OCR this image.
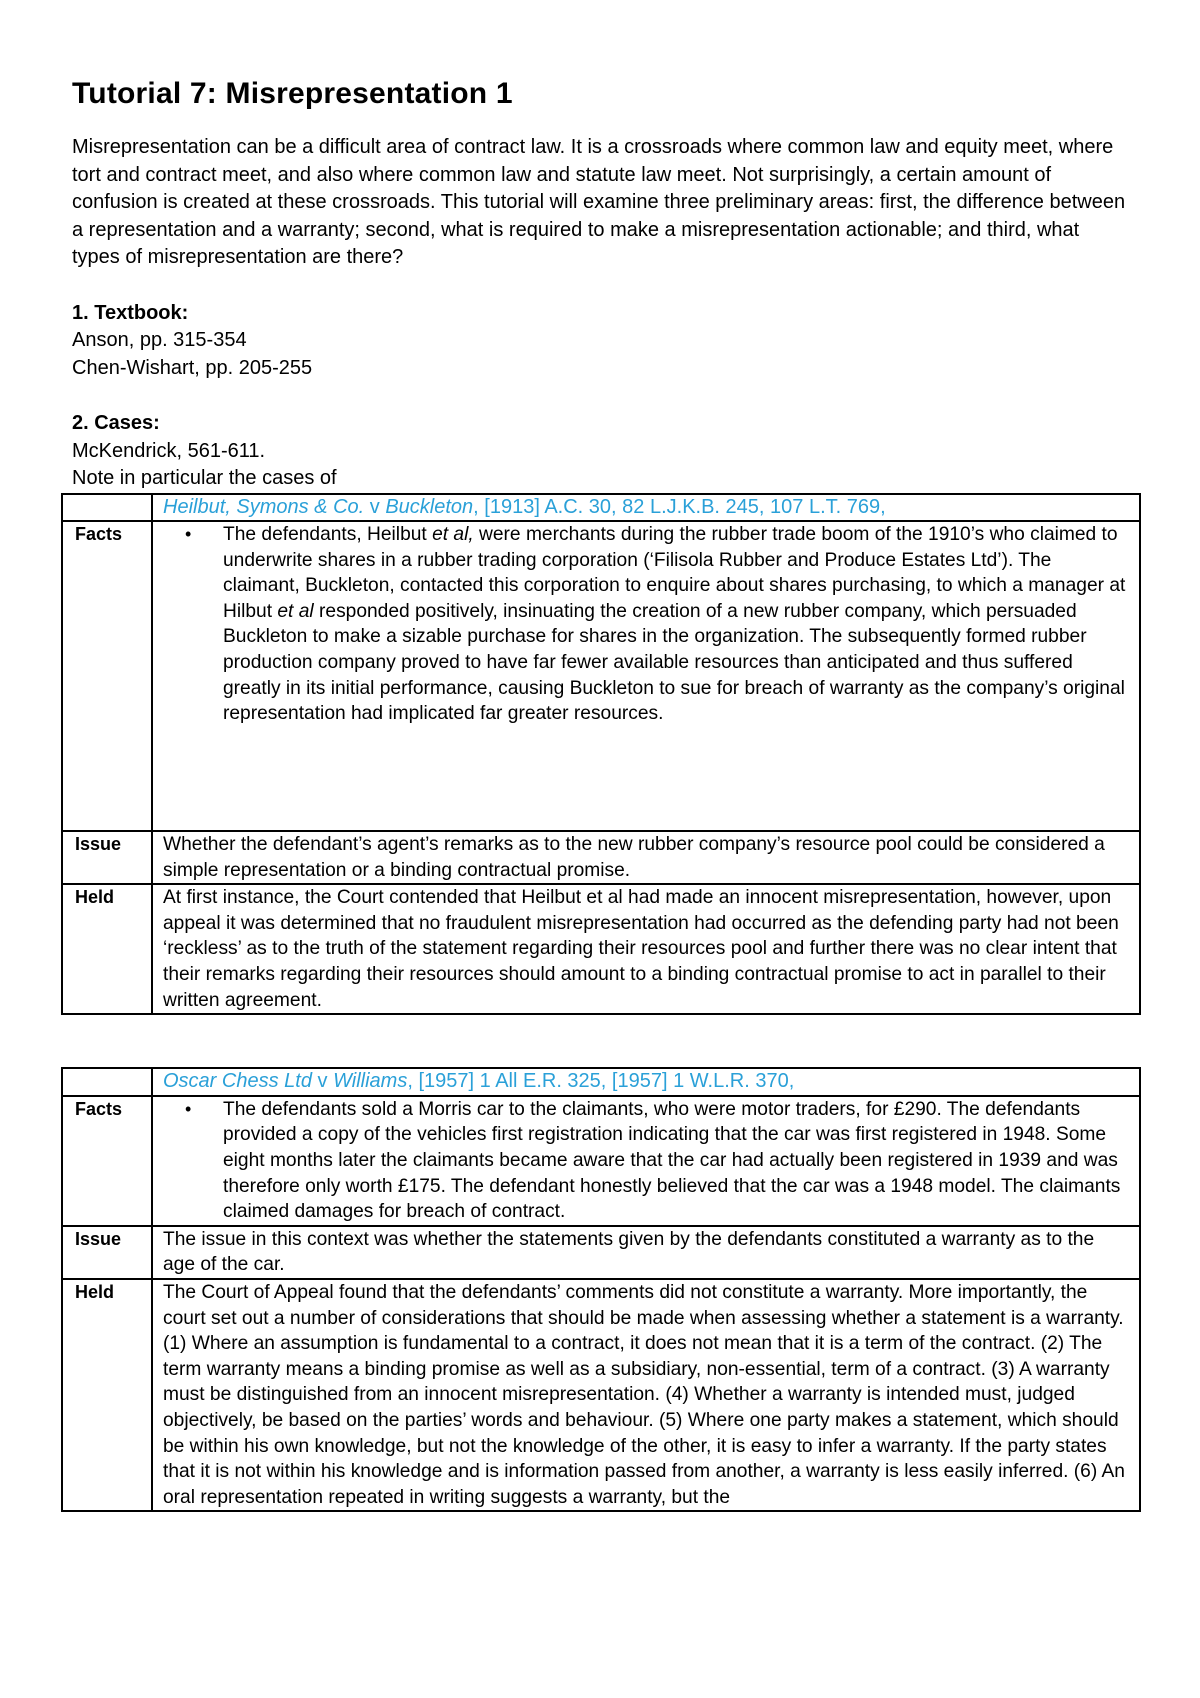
Tutorial 7: Misrepresentation 1
Misrepresentation can be a difficult area of contract law. It is a crossroads where common law and equity meet, where tort and contract meet, and also where common law and statute law meet. Not surprisingly, a certain amount of confusion is created at these crossroads. This tutorial will examine three preliminary areas: first, the difference between a representation and a warranty; second, what is required to make a misrepresentation actionable; and third, what types of misrepresentation are there?
1. Textbook:
Anson, pp. 315-354
Chen-Wishart, pp. 205-255
2. Cases:
McKendrick, 561-611.
Note in particular the cases of
	Heilbut, Symons & Co. v Buckleton, [1913] A.C. 30, 82 L.J.K.B. 245, 107 L.T. 769,
Facts	• The defendants, Heilbut et al, were merchants during the rubber trade boom of the 1910’s who claimed to underwrite shares in a rubber trading corporation (‘Filisola Rubber and Produce Estates Ltd’). The claimant, Buckleton, contacted this corporation to enquire about shares purchasing, to which a manager at Hilbut et al responded positively, insinuating the creation of a new rubber company, which persuaded Buckleton to make a sizable purchase for shares in the organization. The subsequently formed rubber production company proved to have far fewer available resources than anticipated and thus suffered greatly in its initial performance, causing Buckleton to sue for breach of warranty as the company’s original representation had implicated far greater resources.

Issue	Whether the defendant’s agent’s remarks as to the new rubber company’s resource pool could be considered a simple representation or a binding contractual promise.
Held	At first instance, the Court contended that Heilbut et al had made an innocent misrepresentation, however, upon appeal it was determined that no fraudulent misrepresentation had occurred as the defending party had not been ‘reckless’ as to the truth of the statement regarding their resources pool and further there was no clear intent that their remarks regarding their resources should amount to a binding contractual promise to act in parallel to their written agreement.
	Oscar Chess Ltd v Williams, [1957] 1 All E.R. 325, [1957] 1 W.L.R. 370,
Facts	• The defendants sold a Morris car to the claimants, who were motor traders, for £290. The defendants provided a copy of the vehicles first registration indicating that the car was first registered in 1948. Some eight months later the claimants became aware that the car had actually been registered in 1939 and was therefore only worth £175. The defendant honestly believed that the car was a 1948 model. The claimants claimed damages for breach of contract.

Issue	The issue in this context was whether the statements given by the defendants constituted a warranty as to the age of the car.
Held	The Court of Appeal found that the defendants’ comments did not constitute a warranty. More importantly, the court set out a number of considerations that should be made when assessing whether a statement is a warranty. (1) Where an assumption is fundamental to a contract, it does not mean that it is a term of the contract. (2) The term warranty means a binding promise as well as a subsidiary, non-essential, term of a contract. (3) A warranty must be distinguished from an innocent misrepresentation. (4) Whether a warranty is intended must, judged objectively, be based on the parties’ words and behaviour. (5) Where one party makes a statement, which should be within his own knowledge, but not the knowledge of the other, it is easy to infer a warranty. If the party states that it is not within his knowledge and is information passed from another, a warranty is less easily inferred. (6) An oral representation repeated in writing suggests a warranty, but the
